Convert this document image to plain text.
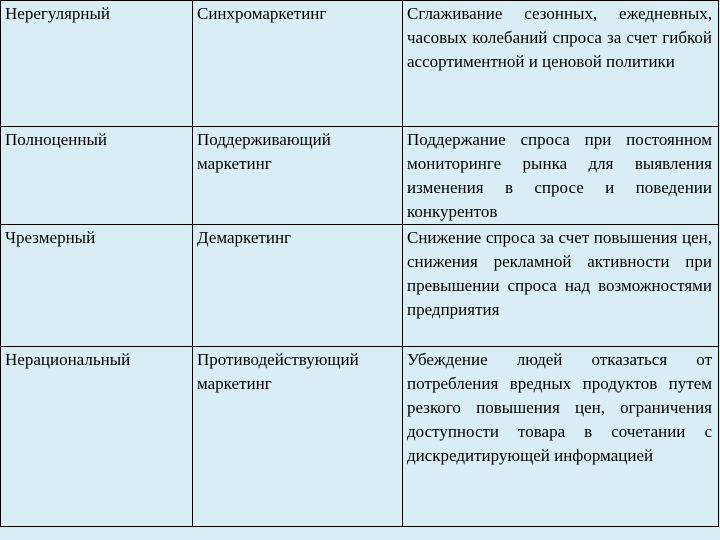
Нерегулярный	Синхромаркетинг	Сглаживание сезонных, ежедневных, часовых колебаний спроса за счет гибкой ассортиментной и ценовой политики
Полноценный	Поддерживающий маркетинг	Поддержание спроса при постоянном мониторинге рынка для выявления изменения в спросе и поведении конкурентов
Чрезмерный	Демаркетинг	Снижение спроса за счет повышения цен, снижения рекламной активности при превышении спроса над возможностями предприятия
Нерациональный	Противодействующий маркетинг	Убеждение людей отказаться от потребления вредных продуктов путем резкого повышения цен, ограничения доступности товара в сочетании с дискредитирующей информацией
